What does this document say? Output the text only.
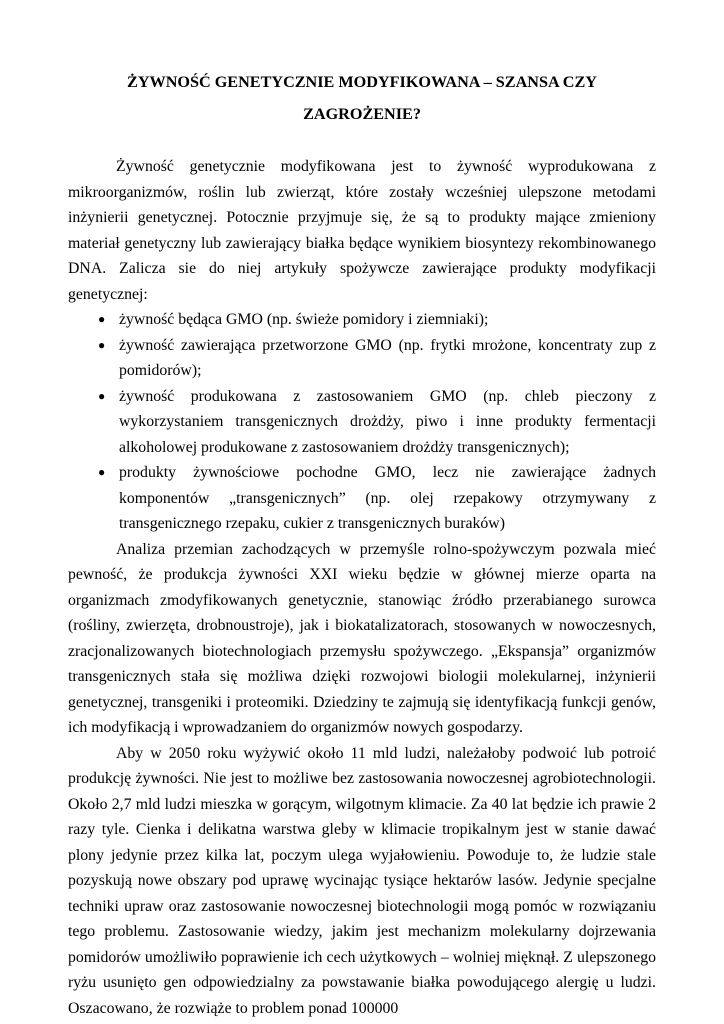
ŻYWNOŚĆ GENETYCZNIE MODYFIKOWANA – SZANSA CZY ZAGROŻENIE?

Żywność genetycznie modyfikowana jest to żywność wyprodukowana z mikroorganizmów, roślin lub zwierząt, które zostały wcześniej ulepszone metodami inżynierii genetycznej. Potocznie przyjmuje się, że są to produkty mające zmieniony materiał genetyczny lub zawierający białka będące wynikiem biosyntezy rekombinowanego DNA. Zalicza sie do niej artykuły spożywcze zawierające produkty modyfikacji genetycznej:

● żywność będąca GMO (np. świeże pomidory i ziemniaki);
● żywność zawierająca przetworzone GMO (np. frytki mrożone, koncentraty zup z pomidorów);
● żywność produkowana z zastosowaniem GMO (np. chleb pieczony z wykorzystaniem transgenicznych drożdży, piwo i inne produkty fermentacji alkoholowej produkowane z zastosowaniem drożdży transgenicznych);
● produkty żywnościowe pochodne GMO, lecz nie zawierające żadnych komponentów „transgenicznych” (np. olej rzepakowy otrzymywany z transgenicznego rzepaku, cukier z transgenicznych buraków)

Analiza przemian zachodzących w przemyśle rolno-spożywczym pozwala mieć pewność, że produkcja żywności XXI wieku będzie w głównej mierze oparta na organizmach zmodyfikowanych genetycznie, stanowiąc źródło przerabianego surowca (rośliny, zwierzęta, drobnoustroje), jak i biokatalizatorach, stosowanych w nowoczesnych, zracjonalizowanych biotechnologiach przemysłu spożywczego. „Ekspansja” organizmów transgenicznych stała się możliwa dzięki rozwojowi biologii molekularnej, inżynierii genetycznej, transgeniki i proteomiki. Dziedziny te zajmują się identyfikacją funkcji genów, ich modyfikacją i wprowadzaniem do organizmów nowych gospodarzy.

Aby w 2050 roku wyżywić około 11 mld ludzi, należałoby podwoić lub potroić produkcję żywności. Nie jest to możliwe bez zastosowania nowoczesnej agrobiotechnologii. Około 2,7 mld ludzi mieszka w gorącym, wilgotnym klimacie. Za 40 lat będzie ich prawie 2 razy tyle. Cienka i delikatna warstwa gleby w klimacie tropikalnym jest w stanie dawać plony jedynie przez kilka lat, poczym ulega wyjałowieniu. Powoduje to, że ludzie stale pozyskują nowe obszary pod uprawę wycinając tysiące hektarów lasów. Jedynie specjalne techniki upraw oraz zastosowanie nowoczesnej biotechnologii mogą pomóc w rozwiązaniu tego problemu. Zastosowanie wiedzy, jakim jest mechanizm molekularny dojrzewania pomidorów umożliwiło poprawienie ich cech użytkowych – wolniej mięknął. Z ulepszonego ryżu usunięto gen odpowiedzialny za powstawanie białka powodującego alergię u ludzi. Oszacowano, że rozwiąże to problem ponad 100000
